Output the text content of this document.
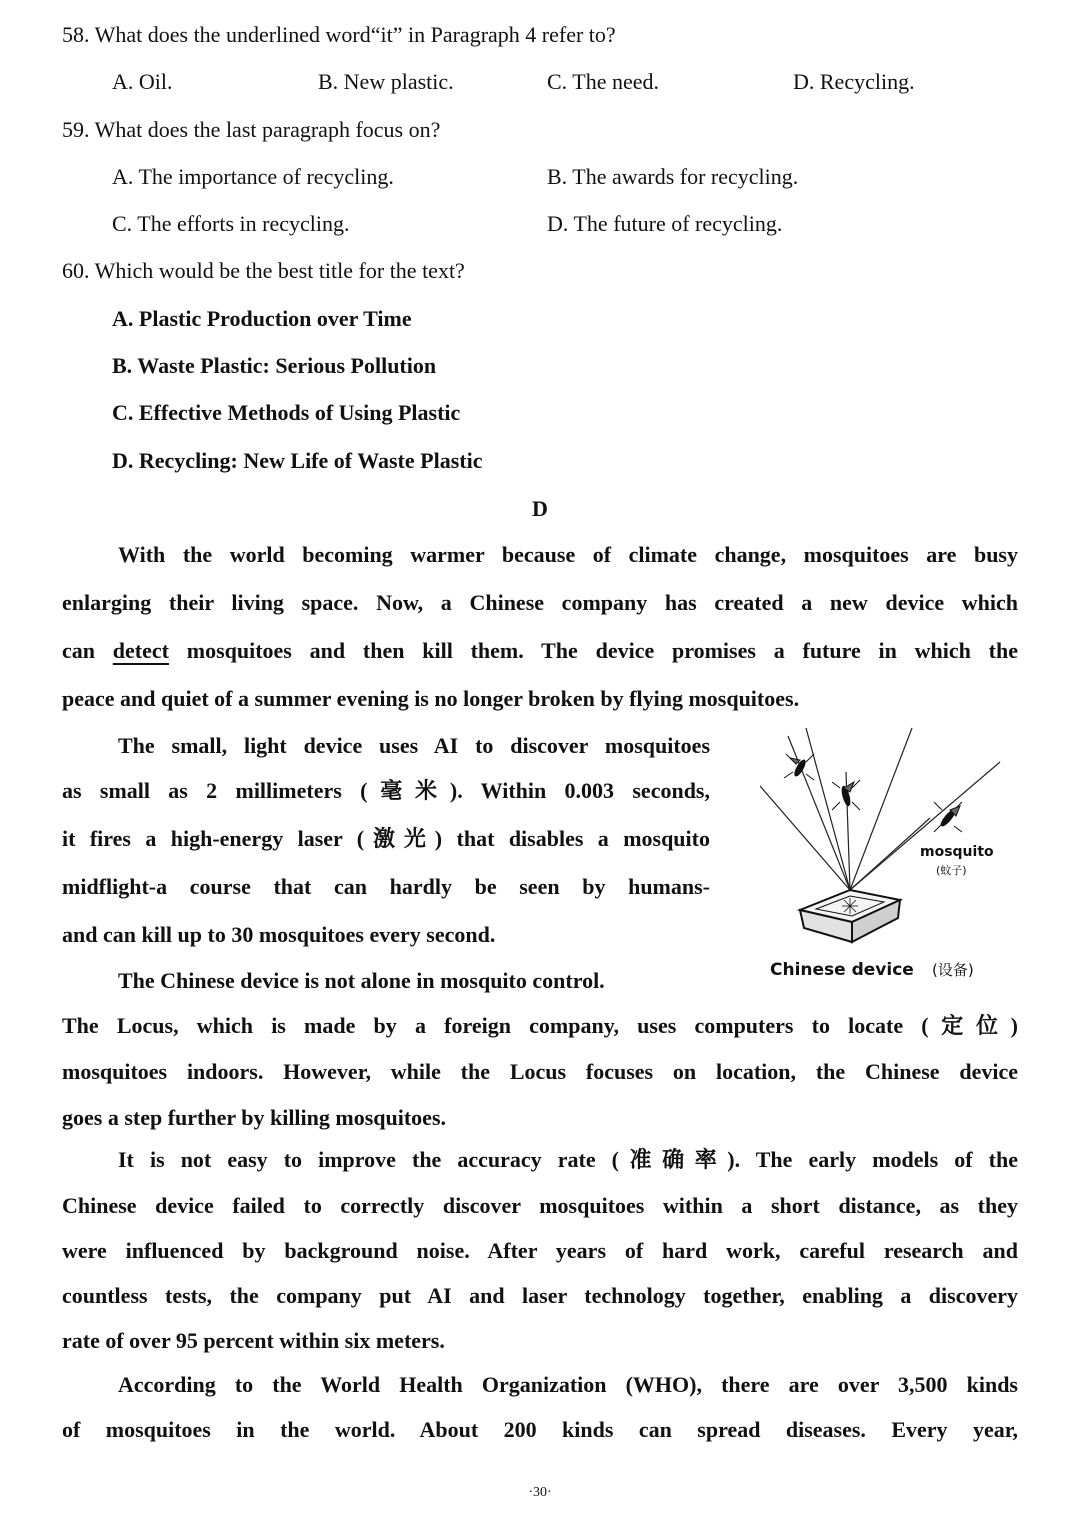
58. What does the underlined word“it” in Paragraph 4 refer to?
A. Oil.	B. New plastic.	C. The need.	D. Recycling.
59. What does the last paragraph focus on?
A. The importance of recycling.	B. The awards for recycling.
C. The efforts in recycling.	D. The future of recycling.
60. Which would be the best title for the text?
A. Plastic Production over Time
B. Waste Plastic: Serious Pollution
C. Effective Methods of Using Plastic
D. Recycling: New Life of Waste Plastic
D
With the world becoming warmer because of climate change, mosquitoes are busy
enlarging their living space. Now, a Chinese company has created a new device which
can detect mosquitoes and then kill them. The device promises a future in which the
peace and quiet of a summer evening is no longer broken by flying mosquitoes.
The small, light device uses AI to discover mosquitoes
as small as 2 millimeters (毫米). Within 0.003 seconds,
it fires a high-energy laser (激光) that disables a mosquito
midflight-a course that can hardly be seen by humans-
and can kill up to 30 mosquitoes every second.
The Chinese device is not alone in mosquito control.
The Locus, which is made by a foreign company, uses computers to locate (定位)
mosquitoes indoors. However, while the Locus focuses on location, the Chinese device
goes a step further by killing mosquitoes.
It is not easy to improve the accuracy rate (准确率). The early models of the
Chinese device failed to correctly discover mosquitoes within a short distance, as they
were influenced by background noise. After years of hard work, careful research and
countless tests, the company put AI and laser technology together, enabling a discovery
rate of over 95 percent within six meters.
According to the World Health Organization (WHO), there are over 3,500 kinds
of mosquitoes in the world. About 200 kinds can spread diseases. Every year,
mosquito
(蚊子)
Chinese device (设备)
·30·
